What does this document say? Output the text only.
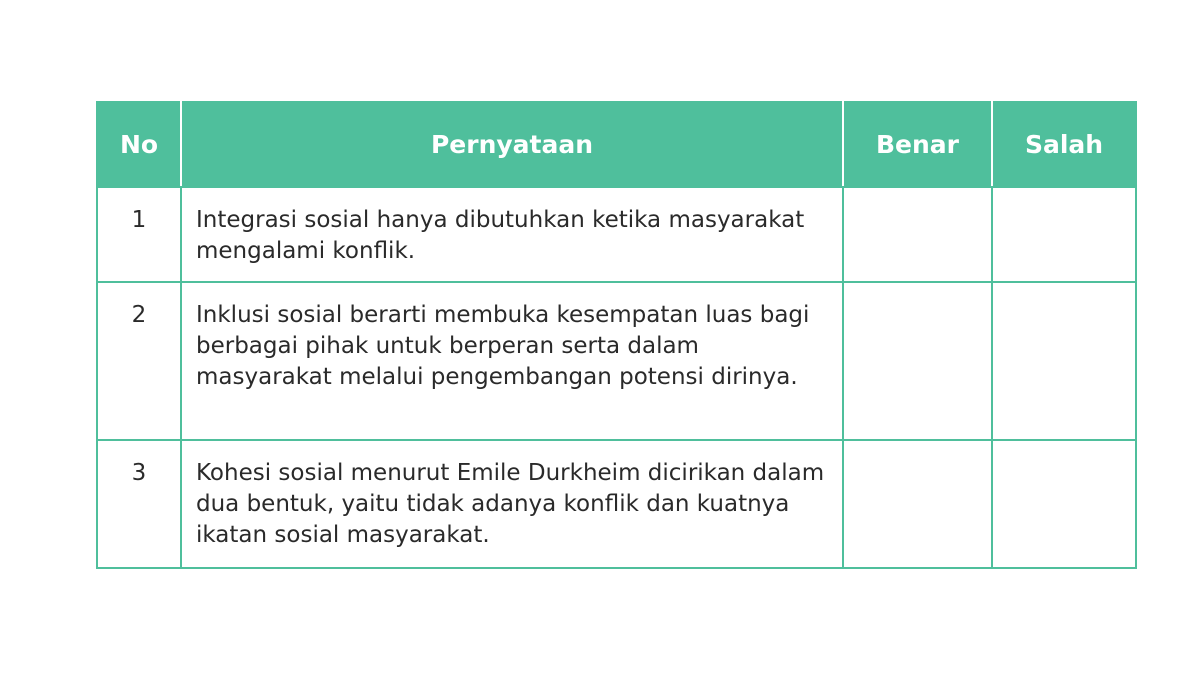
No	Pernyataan	Benar	Salah
1	Integrasi sosial hanya dibutuhkan ketika masyarakat mengalami konflik.		
2	Inklusi sosial berarti membuka kesempatan luas bagi berbagai pihak untuk berperan serta dalam masyarakat melalui pengembangan potensi dirinya.		
3	Kohesi sosial menurut Emile Durkheim dicirikan dalam dua bentuk, yaitu tidak adanya konflik dan kuatnya ikatan sosial masyarakat.		
